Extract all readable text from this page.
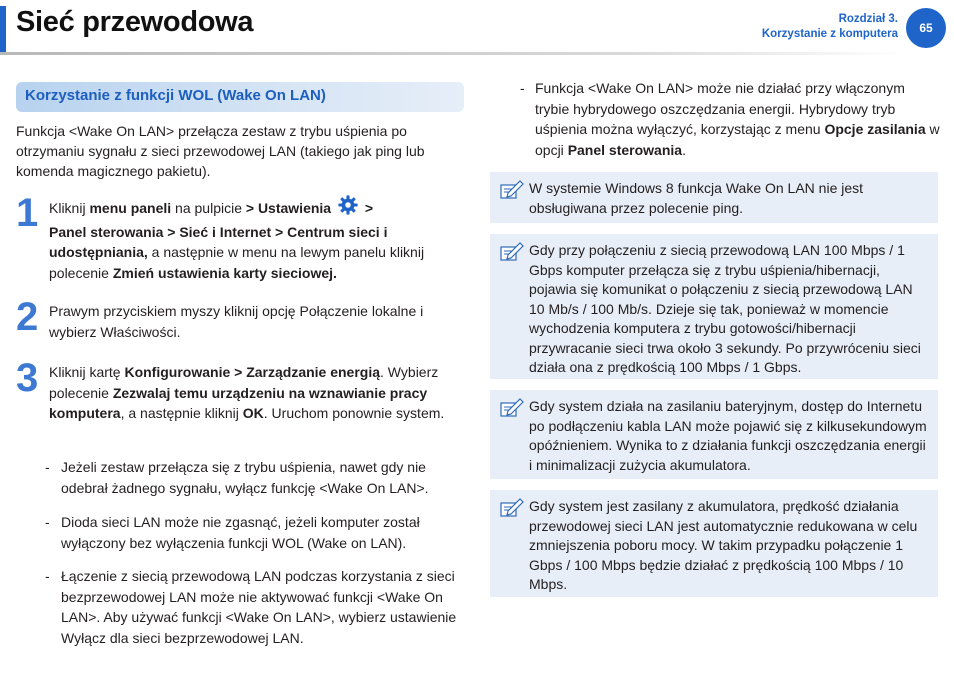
Sieć przewodowa	Rozdział 3.
Korzystanie z komputera	65
Korzystanie z funkcji WOL (Wake On LAN)
Funkcja <Wake On LAN> przełącza zestaw z trybu uśpienia po otrzymaniu sygnału z sieci przewodowej LAN (takiego jak ping lub komenda magicznego pakietu).
1 Kliknij menu paneli na pulpicie > Ustawienia  >
Panel sterowania > Sieć i Internet > Centrum sieci i udostępniania, a następnie w menu na lewym panelu kliknij polecenie Zmień ustawienia karty sieciowej.
2 Prawym przyciskiem myszy kliknij opcję Połączenie lokalne i wybierz Właściwości.
3 Kliknij kartę Konfigurowanie > Zarządzanie energią. Wybierz polecenie Zezwalaj temu urządzeniu na wznawianie pracy komputera, a następnie kliknij OK. Uruchom ponownie system.
- Jeżeli zestaw przełącza się z trybu uśpienia, nawet gdy nie odebrał żadnego sygnału, wyłącz funkcję <Wake On LAN>.
- Dioda sieci LAN może nie zgasnąć, jeżeli komputer został wyłączony bez wyłączenia funkcji WOL (Wake on LAN).
- Łączenie z siecią przewodową LAN podczas korzystania z sieci bezprzewodowej LAN może nie aktywować funkcji <Wake On LAN>. Aby używać funkcji <Wake On LAN>, wybierz ustawienie Wyłącz dla sieci bezprzewodowej LAN.
- Funkcja <Wake On LAN> może nie działać przy włączonym trybie hybrydowego oszczędzania energii. Hybrydowy tryb uśpienia można wyłączyć, korzystając z menu Opcje zasilania w opcji Panel sterowania.
W systemie Windows 8 funkcja Wake On LAN nie jest obsługiwana przez polecenie ping.
Gdy przy połączeniu z siecią przewodową LAN 100 Mbps / 1 Gbps komputer przełącza się z trybu uśpienia/hibernacji, pojawia się komunikat o połączeniu z siecią przewodową LAN 10 Mb/s / 100 Mb/s. Dzieje się tak, ponieważ w momencie wychodzenia komputera z trybu gotowości/hibernacji przywracanie sieci trwa około 3 sekundy. Po przywróceniu sieci działa ona z prędkością 100 Mbps / 1 Gbps.
Gdy system działa na zasilaniu bateryjnym, dostęp do Internetu po podłączeniu kabla LAN może pojawić się z kilkusekundowym opóźnieniem. Wynika to z działania funkcji oszczędzania energii i minimalizacji zużycia akumulatora.
Gdy system jest zasilany z akumulatora, prędkość działania przewodowej sieci LAN jest automatycznie redukowana w celu zmniejszenia poboru mocy. W takim przypadku połączenie 1 Gbps / 100 Mbps będzie działać z prędkością 100 Mbps / 10 Mbps.
